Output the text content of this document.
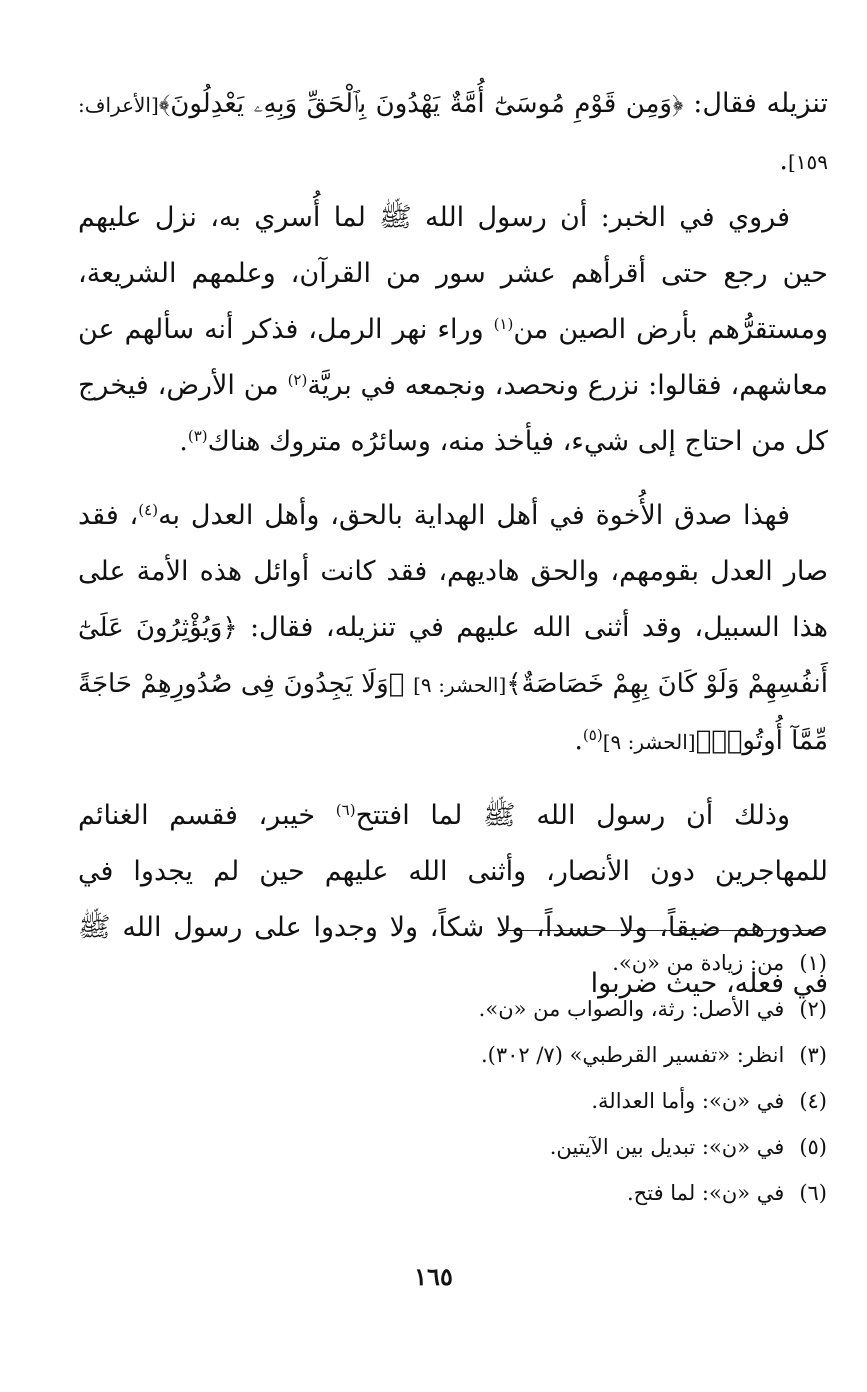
تنزيله فقال: ﴿وَمِن قَوْمِ مُوسَىٰٓ أُمَّةٌ يَهْدُونَ بِٱلْحَقِّ وَبِهِۦ يَعْدِلُونَ﴾[الأعراف: ١٥٩].

فروي في الخبر: أن رسول الله ﷺ لما أُسري به، نزل عليهم حين رجع حتى أقرأهم عشر سور من القرآن، وعلمهم الشريعة، ومستقرُّهم بأرض الصين من$^{(١)}$ وراء نهر الرمل، فذكر أنه سألهم عن معاشهم، فقالوا: نزرع ونحصد، ونجمعه في بريَّة$^{(٢)}$ من الأرض، فيخرج كل من احتاج إلى شيء، فيأخذ منه، وسائرُه متروك هناك$^{(٣)}$.

فهذا صدق الأُخوة في أهل الهداية بالحق، وأهل العدل به$^{(٤)}$، فقد صار العدل بقومهم، والحق هاديهم، فقد كانت أوائل هذه الأمة على هذا السبيل، وقد أثنى الله عليهم في تنزيله، فقال: ﴿وَيُؤْثِرُونَ عَلَىٰٓ أَنفُسِهِمْ وَلَوْ كَانَ بِهِمْ خَصَاصَةٌ﴾[الحشر: ٩] ﴿وَلَا يَجِدُونَ فِى صُدُورِهِمْ حَاجَةً مِّمَّآ أُوتُوا۟﴾[الحشر: ٩]$^{(٥)}$.

وذلك أن رسول الله ﷺ لما افتتح$^{(٦)}$ خيبر، فقسم الغنائم للمهاجرين دون الأنصار، وأثنى الله عليهم حين لم يجدوا في صدورهم ضيقاً، ولا حسداً، ولا شكاً، ولا وجدوا على رسول الله ﷺ في فعله، حيث ضربوا

(١) من: زيادة من «ن».
(٢) في الأصل: رثة، والصواب من «ن».
(٣) انظر: «تفسير القرطبي» (٧/ ٣٠٢).
(٤) في «ن»: وأما العدالة.
(٥) في «ن»: تبديل بين الآيتين.
(٦) في «ن»: لما فتح.
١٦٥
